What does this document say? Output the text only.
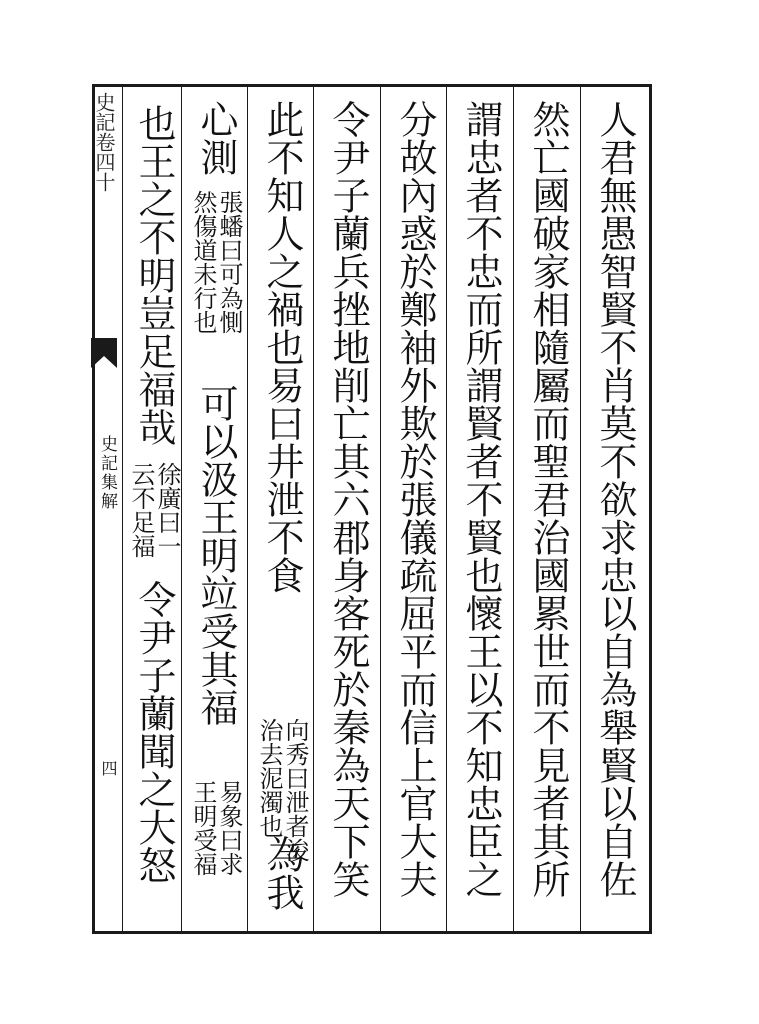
史記卷四十
史記集解
四	人君無愚智賢不肖莫不欲求忠以自為舉賢以自佐
然亡國破家相隨屬而聖君治國累世而不見者其所
謂忠者不忠而所謂賢者不賢也懷王以不知忠臣之
分故內惑於鄭袖外欺於張儀疏屈平而信上官大夫
令尹子蘭兵挫地削亡其六郡身客死於秦為天下笑
此不知人之禍也易曰井泄不食
向秀曰泄者浚
治去泥濁也
為我
心測
張蟠曰可為惻
然傷道未行也
可以汲王明竝受其福
易象曰求
王明受福
也王之不明豈足福哉
徐廣曰一
云不足福
令尹子蘭聞之大怒
